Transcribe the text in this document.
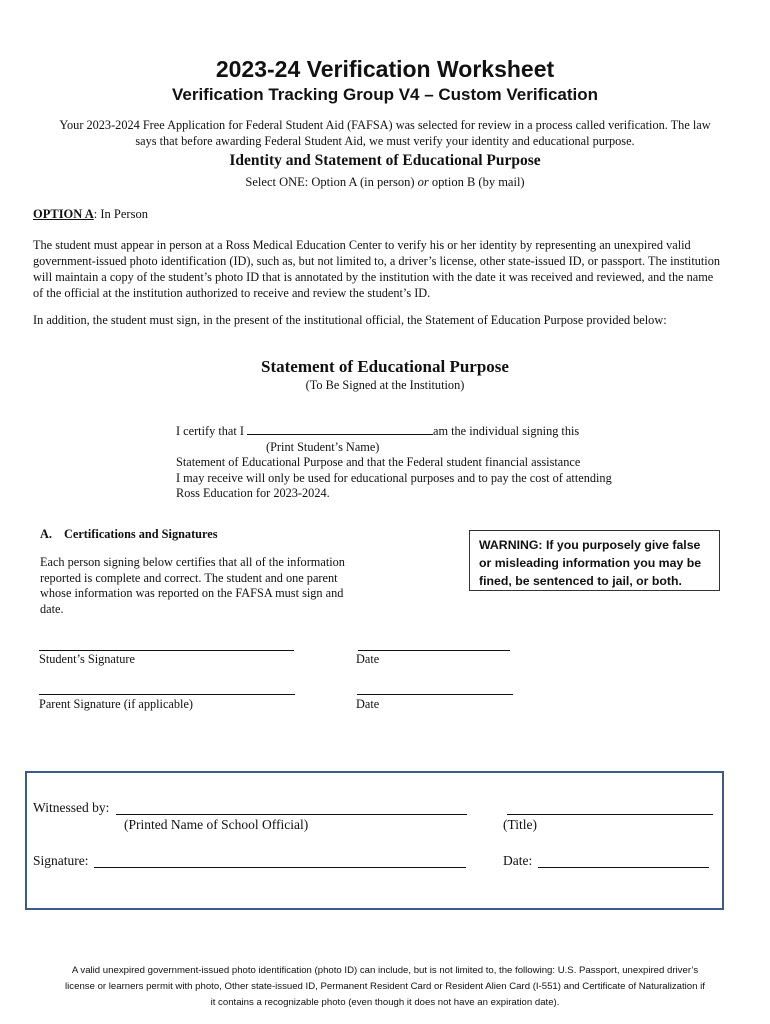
2023-24 Verification Worksheet
Verification Tracking Group V4 – Custom Verification
Your 2023-2024 Free Application for Federal Student Aid (FAFSA) was selected for review in a process called verification. The law
says that before awarding Federal Student Aid, we must verify your identity and educational purpose.
Identity and Statement of Educational Purpose
Select ONE: Option A (in person) or option B (by mail)
OPTION A: In Person
The student must appear in person at a Ross Medical Education Center to verify his or her identity by representing an unexpired valid government-issued photo identification (ID), such as, but not limited to, a driver’s license, other state-issued ID, or passport. The institution will maintain a copy of the student’s photo ID that is annotated by the institution with the date it was received and reviewed, and the name of the official at the institution authorized to receive and review the student’s ID.
In addition, the student must sign, in the present of the institutional official, the Statement of Education Purpose provided below:
Statement of Educational Purpose
(To Be Signed at the Institution)
I certify that I	am the individual signing this
(Print Student’s Name)
Statement of Educational Purpose and that the Federal student financial assistance
I may receive will only be used for educational purposes and to pay the cost of attending
Ross Education for 2023-2024.
A. Certifications and Signatures
Each person signing below certifies that all of the information reported is complete and correct. The student and one parent whose information was reported on the FAFSA must sign and date.
WARNING: If you purposely give false or misleading information you may be fined, be sentenced to jail, or both.
Student’s Signature	Date
Parent Signature (if applicable)	Date
Witnessed by:
(Printed Name of School Official)	(Title)
Signature:	Date:
A valid unexpired government-issued photo identification (photo ID) can include, but is not limited to, the following: U.S. Passport, unexpired driver’s
license or learners permit with photo, Other state-issued ID, Permanent Resident Card or Resident Alien Card (I-551) and Certificate of Naturalization if
it contains a recognizable photo (even though it does not have an expiration date).
